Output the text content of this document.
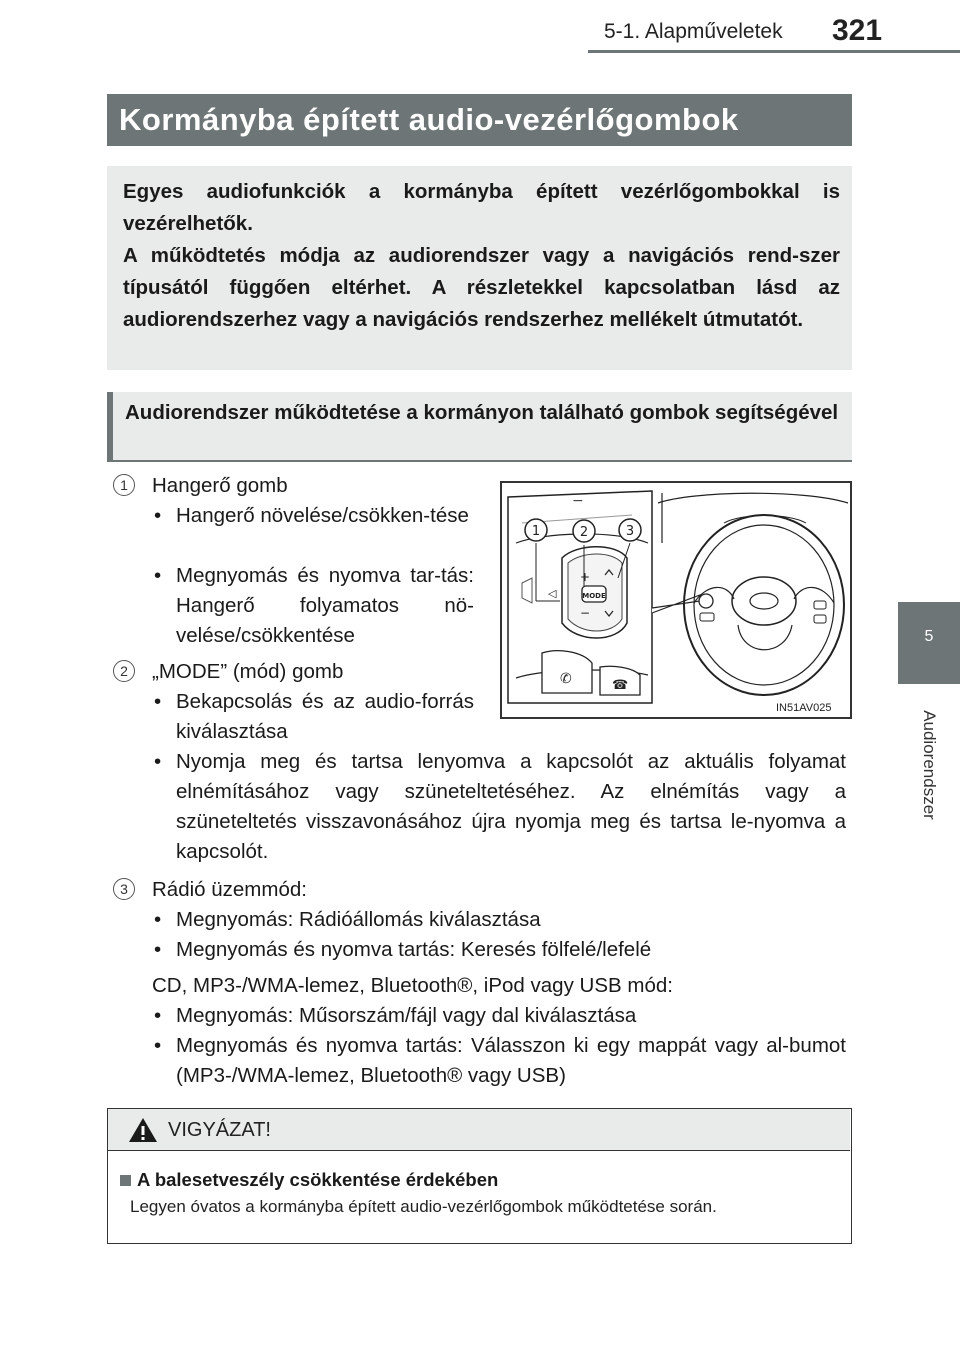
5-1. Alapműveletek 321
5
Audiorendszer
Kormányba épített audio-vezérlőgombok

Egyes audiofunkciók a kormányba épített vezérlőgombokkal is vezérelhetők.

A működtetés módja az audiorendszer vagy a navigációs rend-szer típusától függően eltérhet. A részletekkel kapcsolatban lásd az audiorendszerhez vagy a navigációs rendszerhez mellékelt útmutatót.

Audiorendszer működtetése a kormányon található gombok segítségével
1	Hangerő gomb
• Hangerő növelése/csökken-tése
• Megnyomás és nyomva tar-tás: Hangerő folyamatos nö-velése/csökkentése
2	„MODE” (mód) gomb
• Bekapcsolás és az audio-forrás kiválasztása
• Nyomja meg és tartsa lenyomva a kapcsolót az aktuális folyamat elnémításához vagy szüneteltetéséhez. Az elnémítás vagy a szüneteltetés visszavonásához újra nyomja meg és tartsa le-nyomva a kapcsolót.
3	Rádió üzemmód:
• Megnyomás: Rádióállomás kiválasztása
• Megnyomás és nyomva tartás: Keresés fölfelé/lefelé
CD, MP3-/WMA-lemez, Bluetooth®, iPod vagy USB mód:
• Megnyomás: Műsorszám/fájl vagy dal kiválasztása
• Megnyomás és nyomva tartás: Válasszon ki egy mappát vagy al-bumot (MP3-/WMA-lemez, Bluetooth® vagy USB)
−
MODE
+
−
◁
✆	☎
1	2	3
IN51AV025
VIGYÁZAT!
A balesetveszély csökkentése érdekében
Legyen óvatos a kormányba épített audio-vezérlőgombok működtetése során.
